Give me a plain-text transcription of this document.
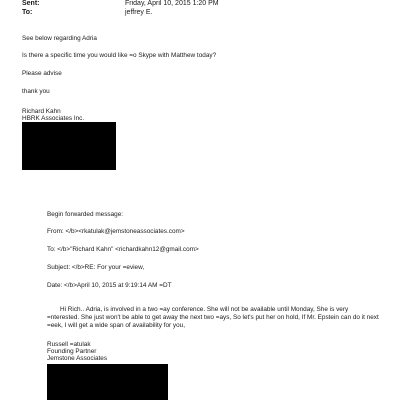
Sent:	Friday, April 10, 2015 1:20 PM
To:	jeffrey E.
See below regarding Adria
Is there a specific time you would like =o Skype with Matthew today?
Please advise
thank you
Richard Kahn
HBRK Associates Inc.
Begin forwarded message:
From: </b><rkatulak@jemstoneassociates.com>
To: </b>"Richard Kahn" <richardkahn12@gmail.com>
Subject: </b>RE: For your =eview,
Date: </b>April 10, 2015 at 9:19:14 AM =DT
Hi Rich.. Adria, is involved in a two =ay conference. She will not be available until Monday, She is very
=nterested. She just won't be able to get away the next two =ays, So let's put her on hold, If Mr. Epstein can do it next
=eek, I will get a wide span of availability for you,
Russell =atulak
Founding Partner
Jemstone Associates
